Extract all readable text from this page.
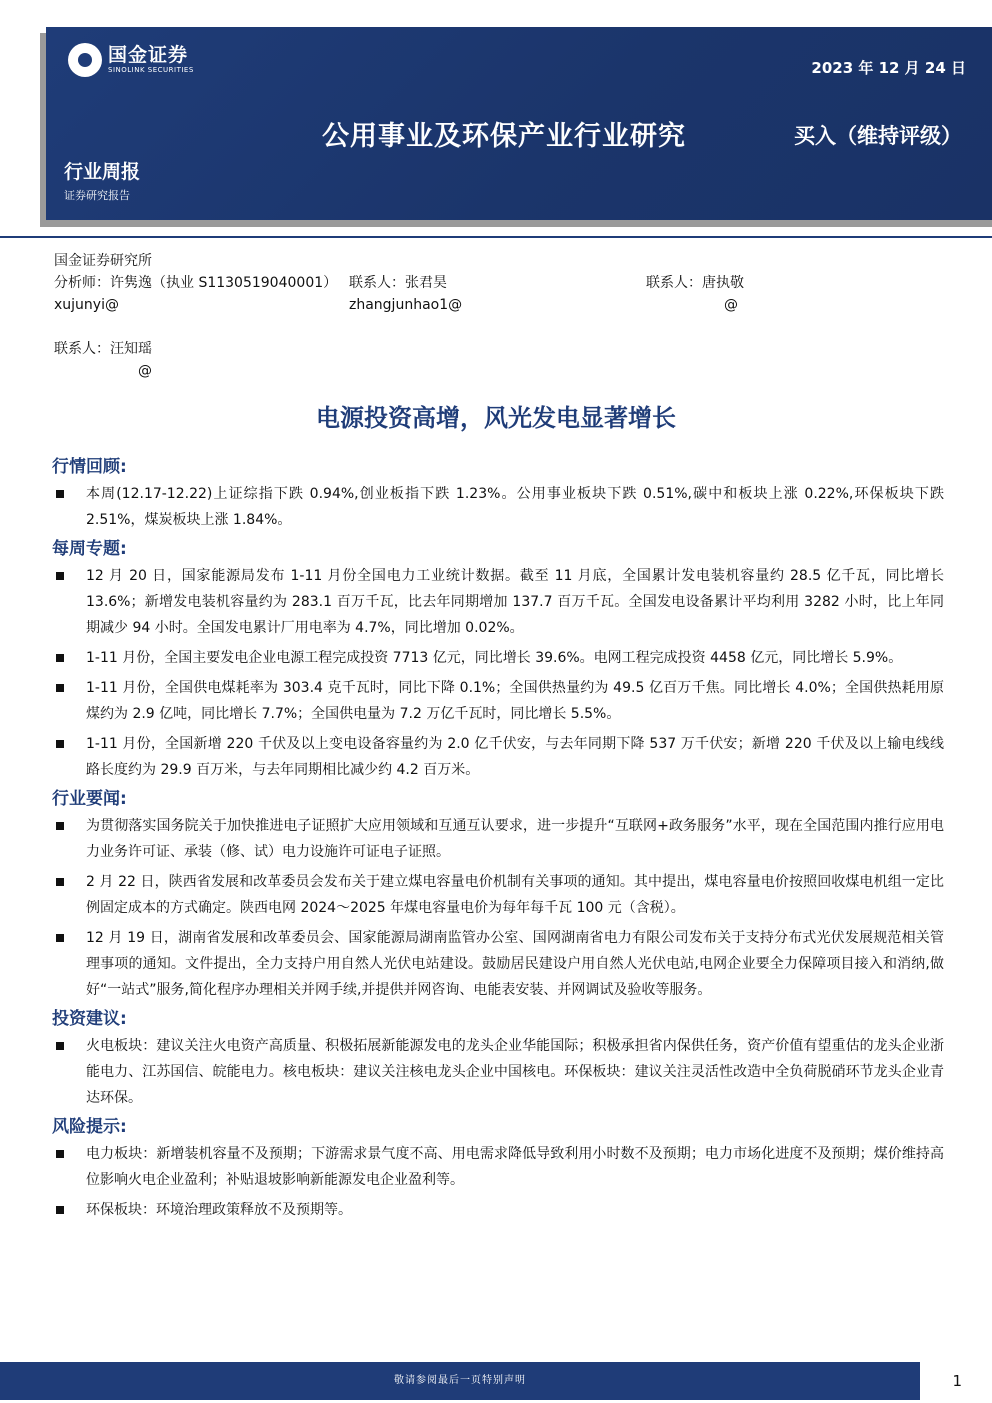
国金证券
SINOLINK SECURITIES	2023 年 12 月 24 日
公用事业及环保产业行业研究	买入（维持评级）
行业周报
证券研究报告
国金证券研究所
分析师：许隽逸（执业 S1130519040001） 联系人：张君昊	联系人：唐执敬
xujunyi@	zhangjunhao1@	@
联系人：汪知瑶
@
电源投资高增，风光发电显著增长
行情回顾:
本周(12.17-12.22)上证综指下跌 0.94%,创业板指下跌 1.23%。公用事业板块下跌 0.51%,碳中和板块上涨 0.22%,环保板块下跌 2.51%，煤炭板块上涨 1.84%。
每周专题:
12 月 20 日，国家能源局发布 1-11 月份全国电力工业统计数据。截至 11 月底，全国累计发电装机容量约 28.5 亿千瓦，同比增长 13.6%；新增发电装机容量约为 283.1 百万千瓦，比去年同期增加 137.7 百万千瓦。全国发电设备累计平均利用 3282 小时，比上年同期减少 94 小时。全国发电累计厂用电率为 4.7%，同比增加 0.02%。
1-11 月份，全国主要发电企业电源工程完成投资 7713 亿元，同比增长 39.6%。电网工程完成投资 4458 亿元，同比增长 5.9%。
1-11 月份，全国供电煤耗率为 303.4 克千瓦时，同比下降 0.1%；全国供热量约为 49.5 亿百万千焦。同比增长 4.0%；全国供热耗用原煤约为 2.9 亿吨，同比增长 7.7%；全国供电量为 7.2 万亿千瓦时，同比增长 5.5%。
1-11 月份，全国新增 220 千伏及以上变电设备容量约为 2.0 亿千伏安，与去年同期下降 537 万千伏安；新增 220 千伏及以上输电线线路长度约为 29.9 百万米，与去年同期相比减少约 4.2 百万米。
行业要闻:
为贯彻落实国务院关于加快推进电子证照扩大应用领域和互通互认要求，进一步提升“互联网+政务服务”水平，现在全国范围内推行应用电力业务许可证、承装（修、试）电力设施许可证电子证照。
2 月 22 日，陕西省发展和改革委员会发布关于建立煤电容量电价机制有关事项的通知。其中提出，煤电容量电价按照回收煤电机组一定比例固定成本的方式确定。陕西电网 2024～2025 年煤电容量电价为每年每千瓦 100 元（含税）。
12 月 19 日，湖南省发展和改革委员会、国家能源局湖南监管办公室、国网湖南省电力有限公司发布关于支持分布式光伏发展规范相关管理事项的通知。文件提出，全力支持户用自然人光伏电站建设。鼓励居民建设户用自然人光伏电站,电网企业要全力保障项目接入和消纳,做好“一站式”服务,简化程序办理相关并网手续,并提供并网咨询、电能表安装、并网调试及验收等服务。
投资建议:
火电板块：建议关注火电资产高质量、积极拓展新能源发电的龙头企业华能国际；积极承担省内保供任务，资产价值有望重估的龙头企业浙能电力、江苏国信、皖能电力。核电板块：建议关注核电龙头企业中国核电。环保板块：建议关注灵活性改造中全负荷脱硝环节龙头企业青达环保。
风险提示:
电力板块：新增装机容量不及预期；下游需求景气度不高、用电需求降低导致利用小时数不及预期；电力市场化进度不及预期；煤价维持高位影响火电企业盈利；补贴退坡影响新能源发电企业盈利等。
环保板块：环境治理政策释放不及预期等。
敬请参阅最后一页特别声明	1
